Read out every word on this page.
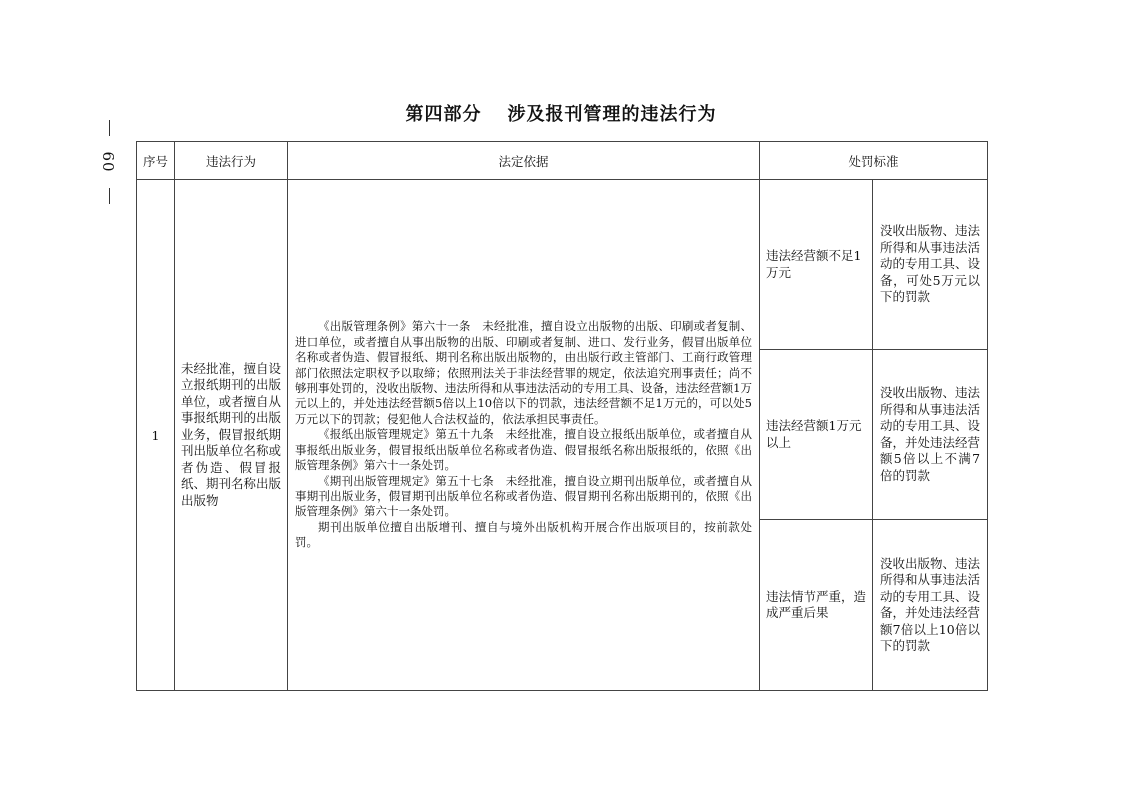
60
第四部分 涉及报刊管理的违法行为
序号	违法行为	法定依据	处罚标准	
1	未经批准，擅自设立报纸期刊的出版单位，或者擅自从事报纸期刊的出版业务，假冒报纸期刊出版单位名称或者伪造、假冒报纸、期刊名称出版出版物	《出版管理条例》第六十一条　未经批准，擅自设立出版物的出版、印刷或者复制、进口单位，或者擅自从事出版物的出版、印刷或者复制、进口、发行业务，假冒出版单位名称或者伪造、假冒报纸、期刊名称出版出版物的，由出版行政主管部门、工商行政管理部门依照法定职权予以取缔；依照刑法关于非法经营罪的规定，依法追究刑事责任；尚不够刑事处罚的，没收出版物、违法所得和从事违法活动的专用工具、设备，违法经营额1万元以上的，并处违法经营额5倍以上10倍以下的罚款，违法经营额不足1万元的，可以处5万元以下的罚款；侵犯他人合法权益的，依法承担民事责任。

《报纸出版管理规定》第五十九条　未经批准，擅自设立报纸出版单位，或者擅自从事报纸出版业务，假冒报纸出版单位名称或者伪造、假冒报纸名称出版报纸的，依照《出版管理条例》第六十一条处罚。

《期刊出版管理规定》第五十七条　未经批准，擅自设立期刊出版单位，或者擅自从事期刊出版业务，假冒期刊出版单位名称或者伪造、假冒期刊名称出版期刊的，依照《出版管理条例》第六十一条处罚。

期刊出版单位擅自出版增刊、擅自与境外出版机构开展合作出版项目的，按前款处罚。	违法经营额不足1万元	没收出版物、违法所得和从事违法活动的专用工具、设备，可处5万元以下的罚款
			违法经营额1万元以上	没收出版物、违法所得和从事违法活动的专用工具、设备，并处违法经营额5倍以上不满7倍的罚款
			违法情节严重，造成严重后果	没收出版物、违法所得和从事违法活动的专用工具、设备，并处违法经营额7倍以上10倍以下的罚款
